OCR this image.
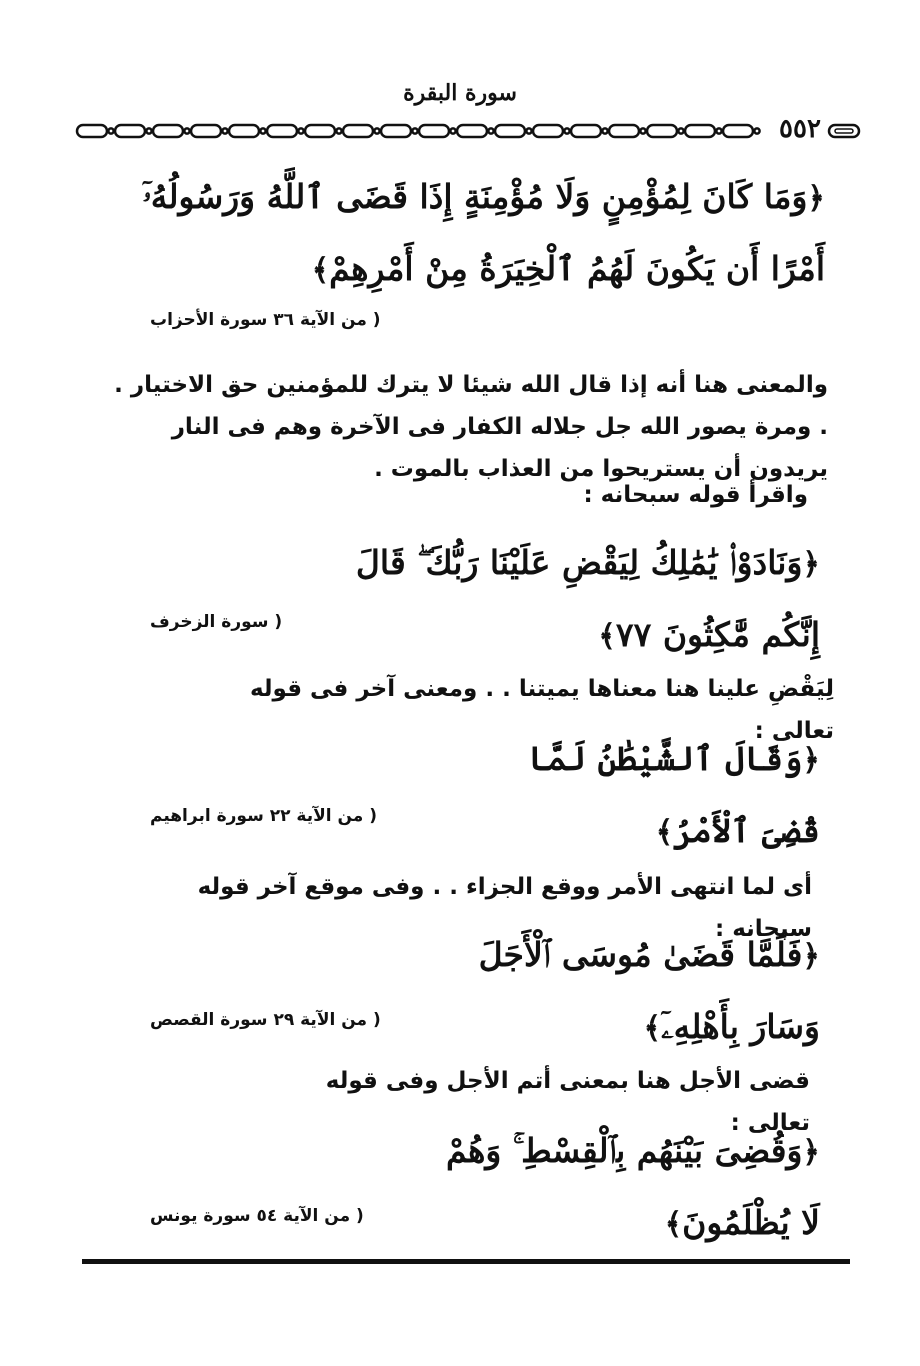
سورة البقرة
٥٥٢
﴿وَمَا كَانَ لِمُؤْمِنٍ وَلَا مُؤْمِنَةٍ إِذَا قَضَى ٱللَّهُ وَرَسُولُهُۥٓ أَمْرًا أَن يَكُونَ لَهُمُ ٱلْخِيَرَةُ مِنْ أَمْرِهِمْ﴾
( من الآية ٣٦ سورة الأحزاب
والمعنى هنا أنه إذا قال الله شيئا لا يترك للمؤمنين حق الاختيار . . ومرة يصور الله جل جلاله الكفار فى الآخرة وهم فى النار يريدون أن يستريحوا من العذاب بالموت .
واقرأ قوله سبحانه :
﴿وَنَادَوْا۟ يَٰمَٰلِكُ لِيَقْضِ عَلَيْنَا رَبُّكَ ۖ قَالَ إِنَّكُم مَّٰكِثُونَ ٧٧﴾
( سورة الزخرف
لِيَقْضِ علينا هنا معناها يميتنا . . ومعنى آخر فى قوله تعالى :
﴿وَقَالَ ٱلشَّيْطَٰنُ لَمَّا قُضِىَ ٱلْأَمْرُ﴾
( من الآية ٢٢ سورة ابراهيم
أى لما انتهى الأمر ووقع الجزاء . . وفى موقع آخر قوله سبحانه :
﴿فَلَمَّا قَضَىٰ مُوسَى ٱلْأَجَلَ وَسَارَ بِأَهْلِهِۦٓ﴾
( من الآية ٢٩ سورة القصص
قضى الأجل هنا بمعنى أتم الأجل وفى قوله تعالى :
﴿وَقُضِىَ بَيْنَهُم بِٱلْقِسْطِ ۚ وَهُمْ لَا يُظْلَمُونَ﴾
( من الآية ٥٤ سورة يونس
